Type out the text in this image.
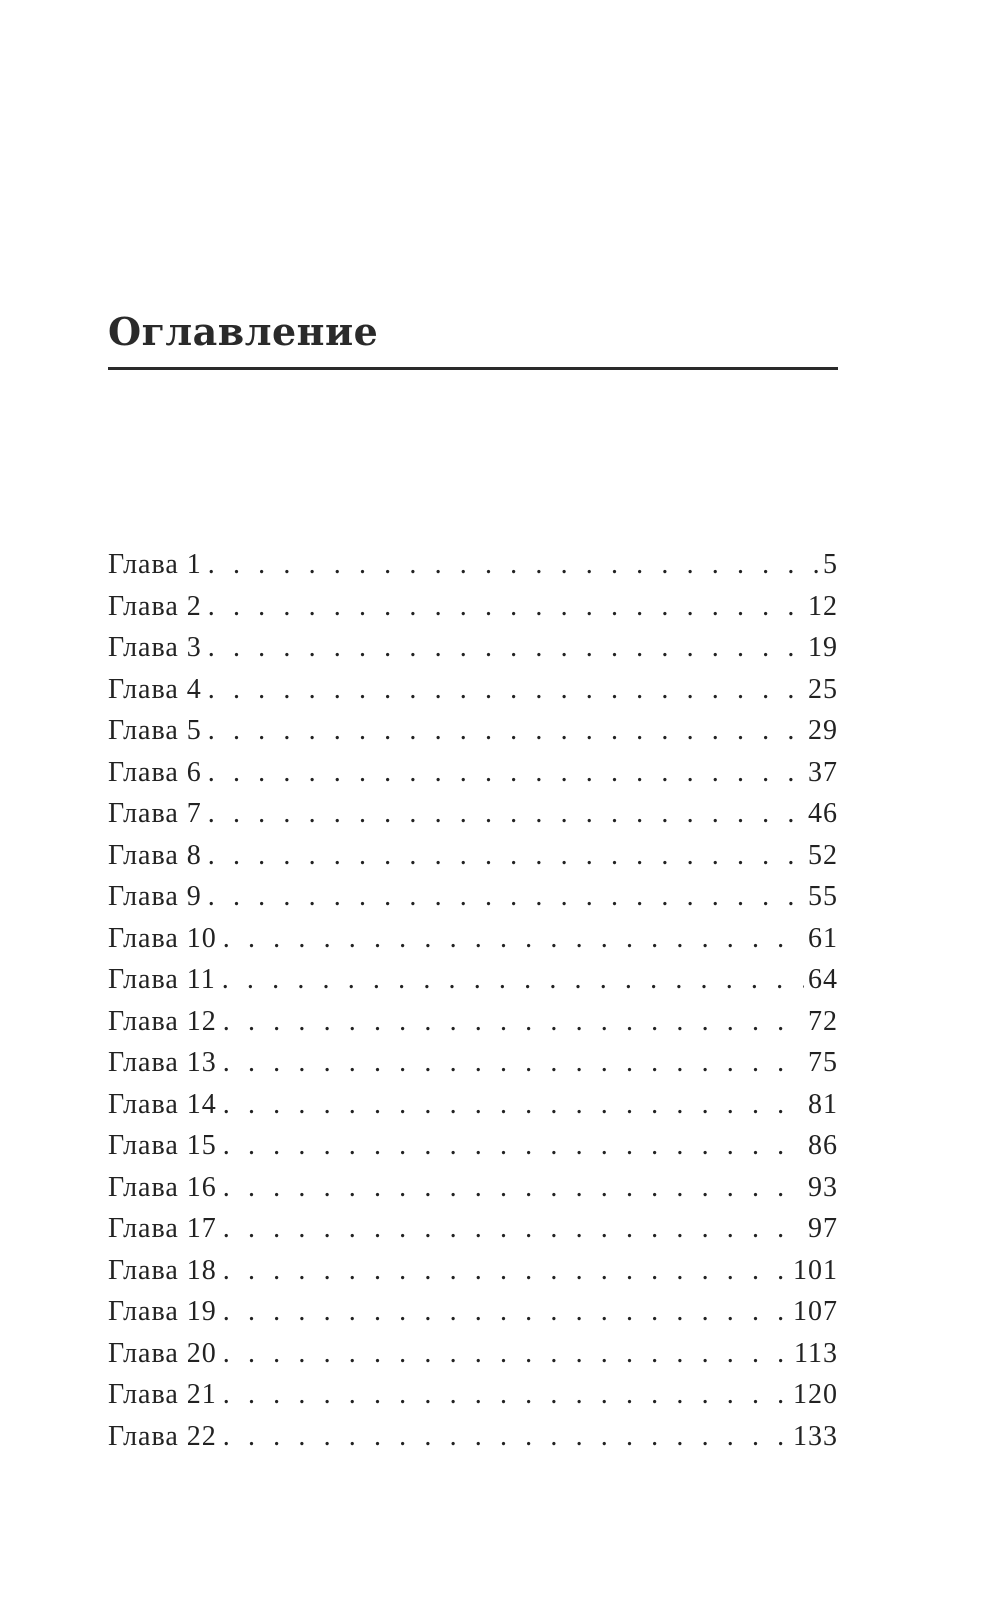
Оглавление
Глава 1 . . .	5
Глава 2 . . .	12
Глава 3 . . .	19
Глава 4 . . .	25
Глава 5 . . .	29
Глава 6 . . .	37
Глава 7 . . .	46
Глава 8 . . .	52
Глава 9 . . .	55
Глава 10 . . .	61
Глава 11 . . .	64
Глава 12 . . .	72
Глава 13 . . .	75
Глава 14 . . .	81
Глава 15 . . .	86
Глава 16 . . .	93
Глава 17 . . .	97
Глава 18 . . .	101
Глава 19 . . .	107
Глава 20 . . .	113
Глава 21 . . .	120
Глава 22 . . .	133
